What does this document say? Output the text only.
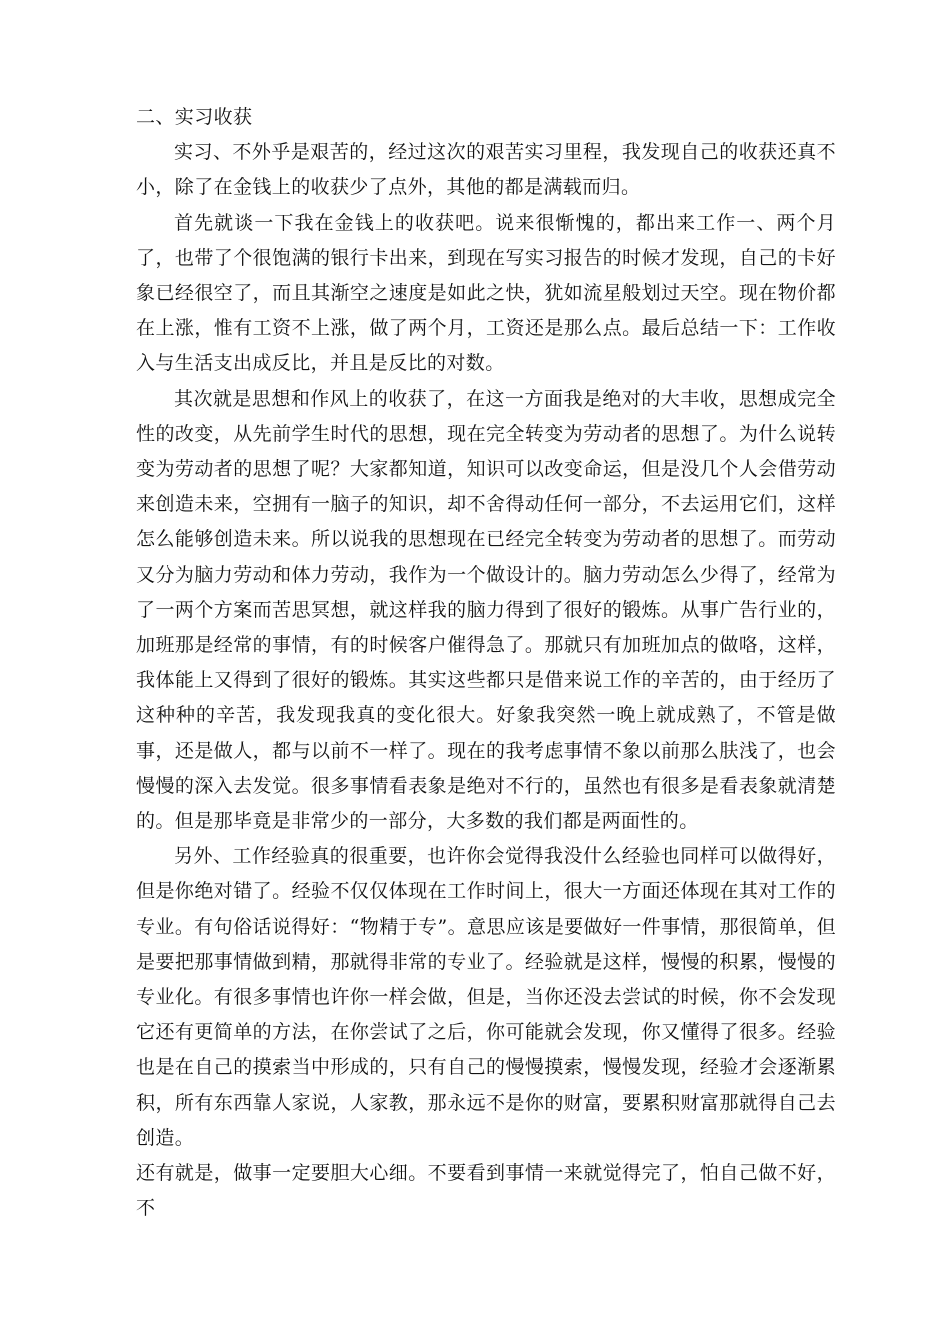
二、实习收获

实习、不外乎是艰苦的，经过这次的艰苦实习里程，我发现自己的收获还真不小，除了在金钱上的收获少了点外，其他的都是满载而归。

首先就谈一下我在金钱上的收获吧。说来很惭愧的，都出来工作一、两个月了，也带了个很饱满的银行卡出来，到现在写实习报告的时候才发现，自己的卡好象已经很空了，而且其渐空之速度是如此之快，犹如流星般划过天空。现在物价都在上涨，惟有工资不上涨，做了两个月，工资还是那么点。最后总结一下：工作收入与生活支出成反比，并且是反比的对数。

其次就是思想和作风上的收获了，在这一方面我是绝对的大丰收，思想成完全性的改变，从先前学生时代的思想，现在完全转变为劳动者的思想了。为什么说转变为劳动者的思想了呢？大家都知道，知识可以改变命运，但是没几个人会借劳动来创造未来，空拥有一脑子的知识，却不舍得动任何一部分，不去运用它们，这样怎么能够创造未来。所以说我的思想现在已经完全转变为劳动者的思想了。而劳动又分为脑力劳动和体力劳动，我作为一个做设计的。脑力劳动怎么少得了，经常为了一两个方案而苦思冥想，就这样我的脑力得到了很好的锻炼。从事广告行业的，加班那是经常的事情，有的时候客户催得急了。那就只有加班加点的做咯，这样，我体能上又得到了很好的锻炼。其实这些都只是借来说工作的辛苦的，由于经历了这种种的辛苦，我发现我真的变化很大。好象我突然一晚上就成熟了，不管是做事，还是做人，都与以前不一样了。现在的我考虑事情不象以前那么肤浅了，也会慢慢的深入去发觉。很多事情看表象是绝对不行的，虽然也有很多是看表象就清楚的。但是那毕竟是非常少的一部分，大多数的我们都是两面性的。

另外、工作经验真的很重要，也许你会觉得我没什么经验也同样可以做得好，但是你绝对错了。经验不仅仅体现在工作时间上，很大一方面还体现在其对工作的专业。有句俗话说得好：“物精于专”。意思应该是要做好一件事情，那很简单，但是要把那事情做到精，那就得非常的专业了。经验就是这样，慢慢的积累，慢慢的专业化。有很多事情也许你一样会做，但是，当你还没去尝试的时候，你不会发现它还有更简单的方法，在你尝试了之后，你可能就会发现，你又懂得了很多。经验也是在自己的摸索当中形成的，只有自己的慢慢摸索，慢慢发现，经验才会逐渐累积，所有东西靠人家说，人家教，那永远不是你的财富，要累积财富那就得自己去创造。

还有就是，做事一定要胆大心细。不要看到事情一来就觉得完了，怕自己做不好，不
